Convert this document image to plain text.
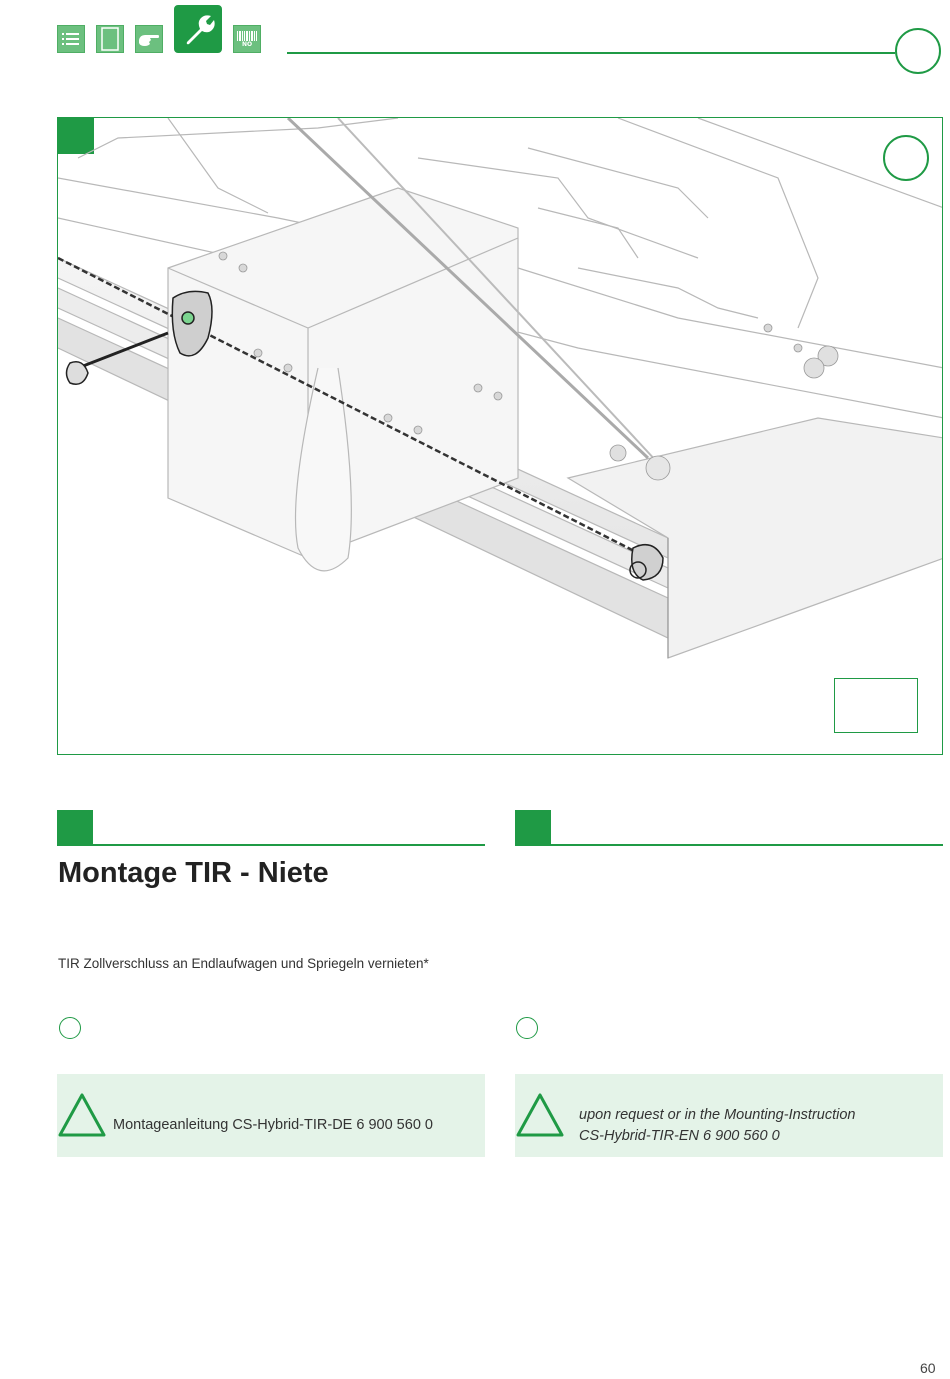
NO
Montage TIR - Niete
TIR Zollverschluss an Endlaufwagen und Spriegeln vernieten*
Montageanleitung CS-Hybrid-TIR-DE 6 900 560 0
upon request or in the Mounting-Instruction
CS-Hybrid-TIR-EN 6 900 560 0
60
